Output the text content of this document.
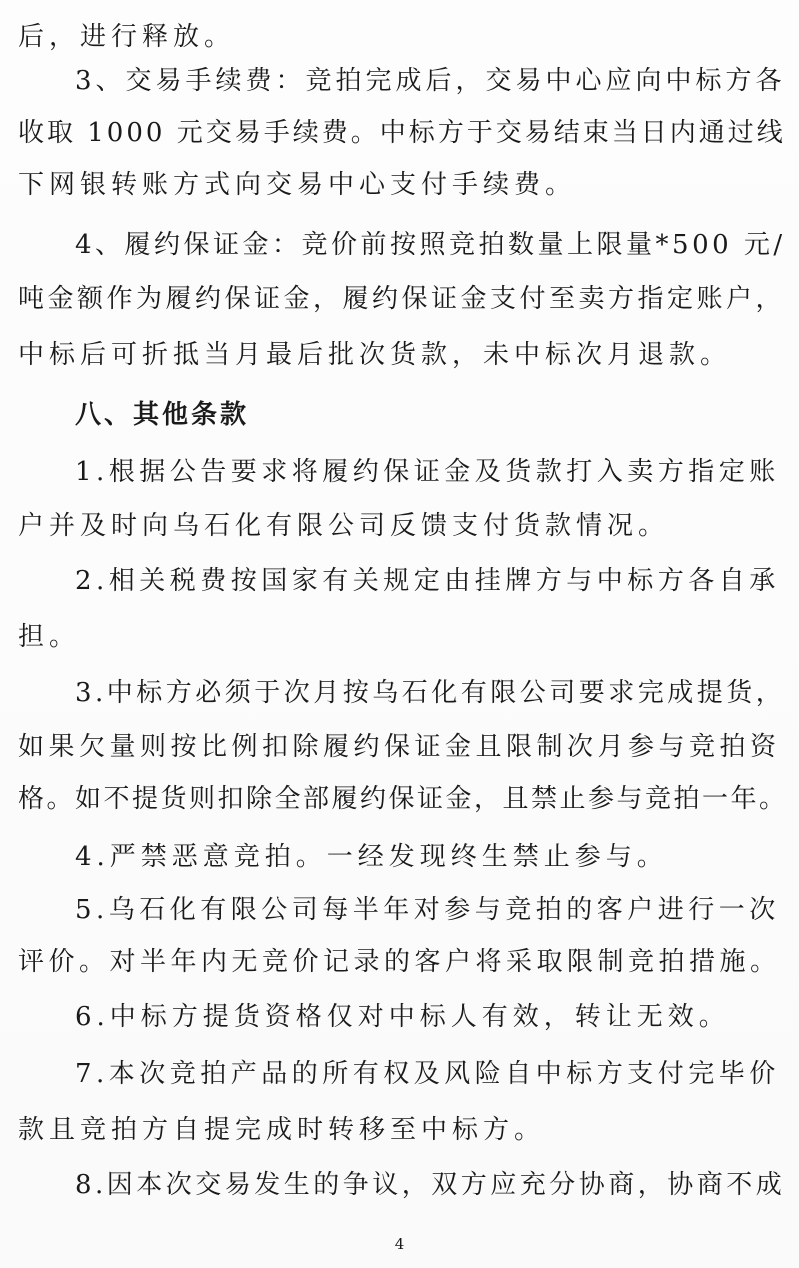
后，进行释放。
3、交易手续费：竞拍完成后，交易中心应向中标方各
收取 1000 元交易手续费。中标方于交易结束当日内通过线
下网银转账方式向交易中心支付手续费。
4、履约保证金：竞价前按照竞拍数量上限量*500 元/
吨金额作为履约保证金，履约保证金支付至卖方指定账户，
中标后可折抵当月最后批次货款，未中标次月退款。
八、其他条款
1.根据公告要求将履约保证金及货款打入卖方指定账
户并及时向乌石化有限公司反馈支付货款情况。
2.相关税费按国家有关规定由挂牌方与中标方各自承
担。
3.中标方必须于次月按乌石化有限公司要求完成提货，
如果欠量则按比例扣除履约保证金且限制次月参与竞拍资
格。如不提货则扣除全部履约保证金，且禁止参与竞拍一年。
4.严禁恶意竞拍。一经发现终生禁止参与。
5.乌石化有限公司每半年对参与竞拍的客户进行一次
评价。对半年内无竞价记录的客户将采取限制竞拍措施。
6.中标方提货资格仅对中标人有效，转让无效。
7.本次竞拍产品的所有权及风险自中标方支付完毕价
款且竞拍方自提完成时转移至中标方。
8.因本次交易发生的争议，双方应充分协商，协商不成
4
